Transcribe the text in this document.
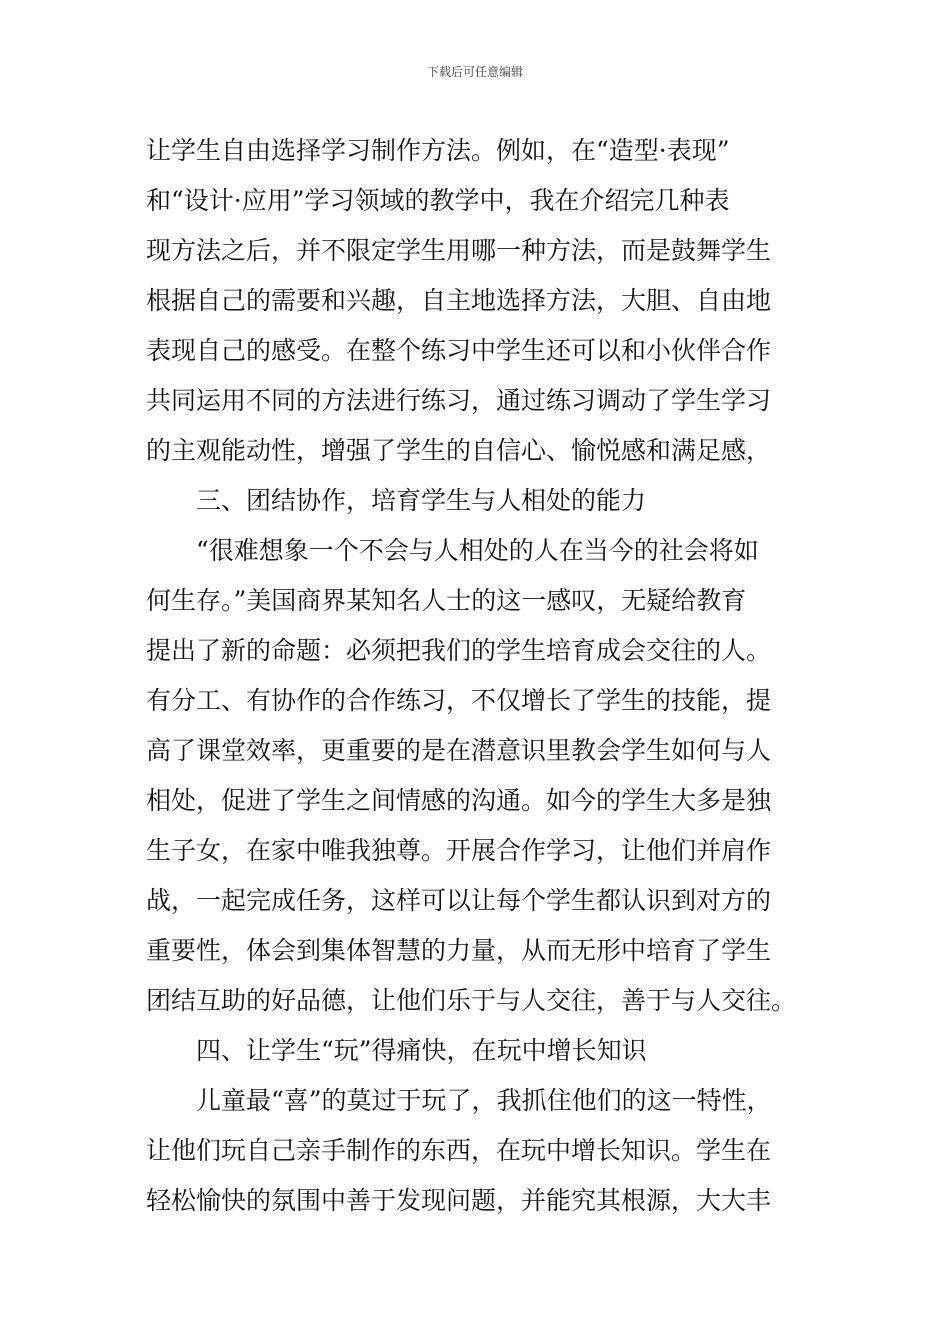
下载后可任意编辑
让学生自由选择学习制作方法。例如，在“造型·表现”
和“设计·应用”学习领域的教学中，我在介绍完几种表
现方法之后，并不限定学生用哪一种方法，而是鼓舞学生
根据自己的需要和兴趣，自主地选择方法，大胆、自由地
表现自己的感受。在整个练习中学生还可以和小伙伴合作
共同运用不同的方法进行练习，通过练习调动了学生学习
的主观能动性，增强了学生的自信心、愉悦感和满足感，
三、团结协作，培育学生与人相处的能力
“很难想象一个不会与人相处的人在当今的社会将如
何生存。”美国商界某知名人士的这一感叹，无疑给教育
提出了新的命题：必须把我们的学生培育成会交往的人。
有分工、有协作的合作练习，不仅增长了学生的技能，提
高了课堂效率，更重要的是在潜意识里教会学生如何与人
相处，促进了学生之间情感的沟通。如今的学生大多是独
生子女，在家中唯我独尊。开展合作学习，让他们并肩作
战，一起完成任务，这样可以让每个学生都认识到对方的
重要性，体会到集体智慧的力量，从而无形中培育了学生
团结互助的好品德，让他们乐于与人交往，善于与人交往。
四、让学生“玩”得痛快，在玩中增长知识
儿童最“喜”的莫过于玩了，我抓住他们的这一特性，
让他们玩自己亲手制作的东西，在玩中增长知识。学生在
轻松愉快的氛围中善于发现问题，并能究其根源，大大丰
